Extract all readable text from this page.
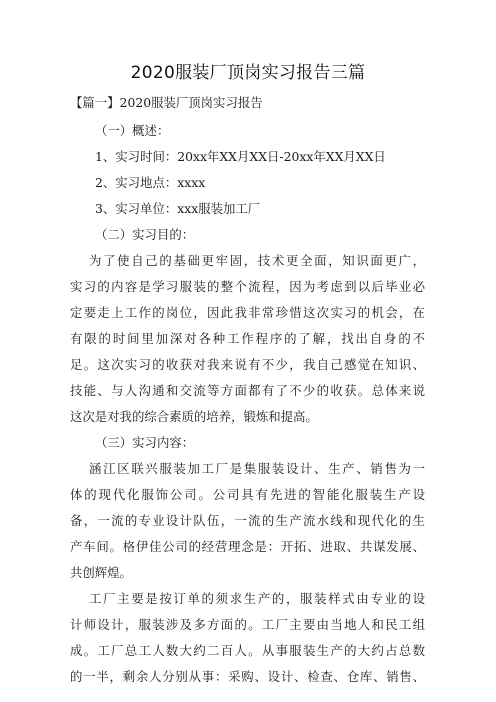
2020服装厂顶岗实习报告三篇
【篇一】2020服装厂顶岗实习报告
（一）概述：
1、实习时间：20xx年XX月XX日-20xx年XX月XX日
2、实习地点：xxxx
3、实习单位：xxx服装加工厂
（二）实习目的：
为了使自己的基础更牢固，技术更全面，知识面更广，
实习的内容是学习服装的整个流程，因为考虑到以后毕业必
定要走上工作的岗位，因此我非常珍惜这次实习的机会，在
有限的时间里加深对各种工作程序的了解，找出自身的不
足。这次实习的收获对我来说有不少，我自己感觉在知识、
技能、与人沟通和交流等方面都有了不少的收获。总体来说
这次是对我的综合素质的培养，锻炼和提高。
（三）实习内容：
涵江区联兴服装加工厂是集服装设计、生产、销售为一
体的现代化服饰公司。公司具有先进的智能化服装生产设
备，一流的专业设计队伍，一流的生产流水线和现代化的生
产车间。格伊佳公司的经营理念是：开拓、进取、共谋发展、
共创辉煌。
工厂主要是按订单的须求生产的，服装样式由专业的设
计师设计，服装涉及多方面的。工厂主要由当地人和民工组
成。工厂总工人数大约二百人。从事服装生产的大约占总数
的一半，剩余人分别从事：采购、设计、检查、仓库、销售、
